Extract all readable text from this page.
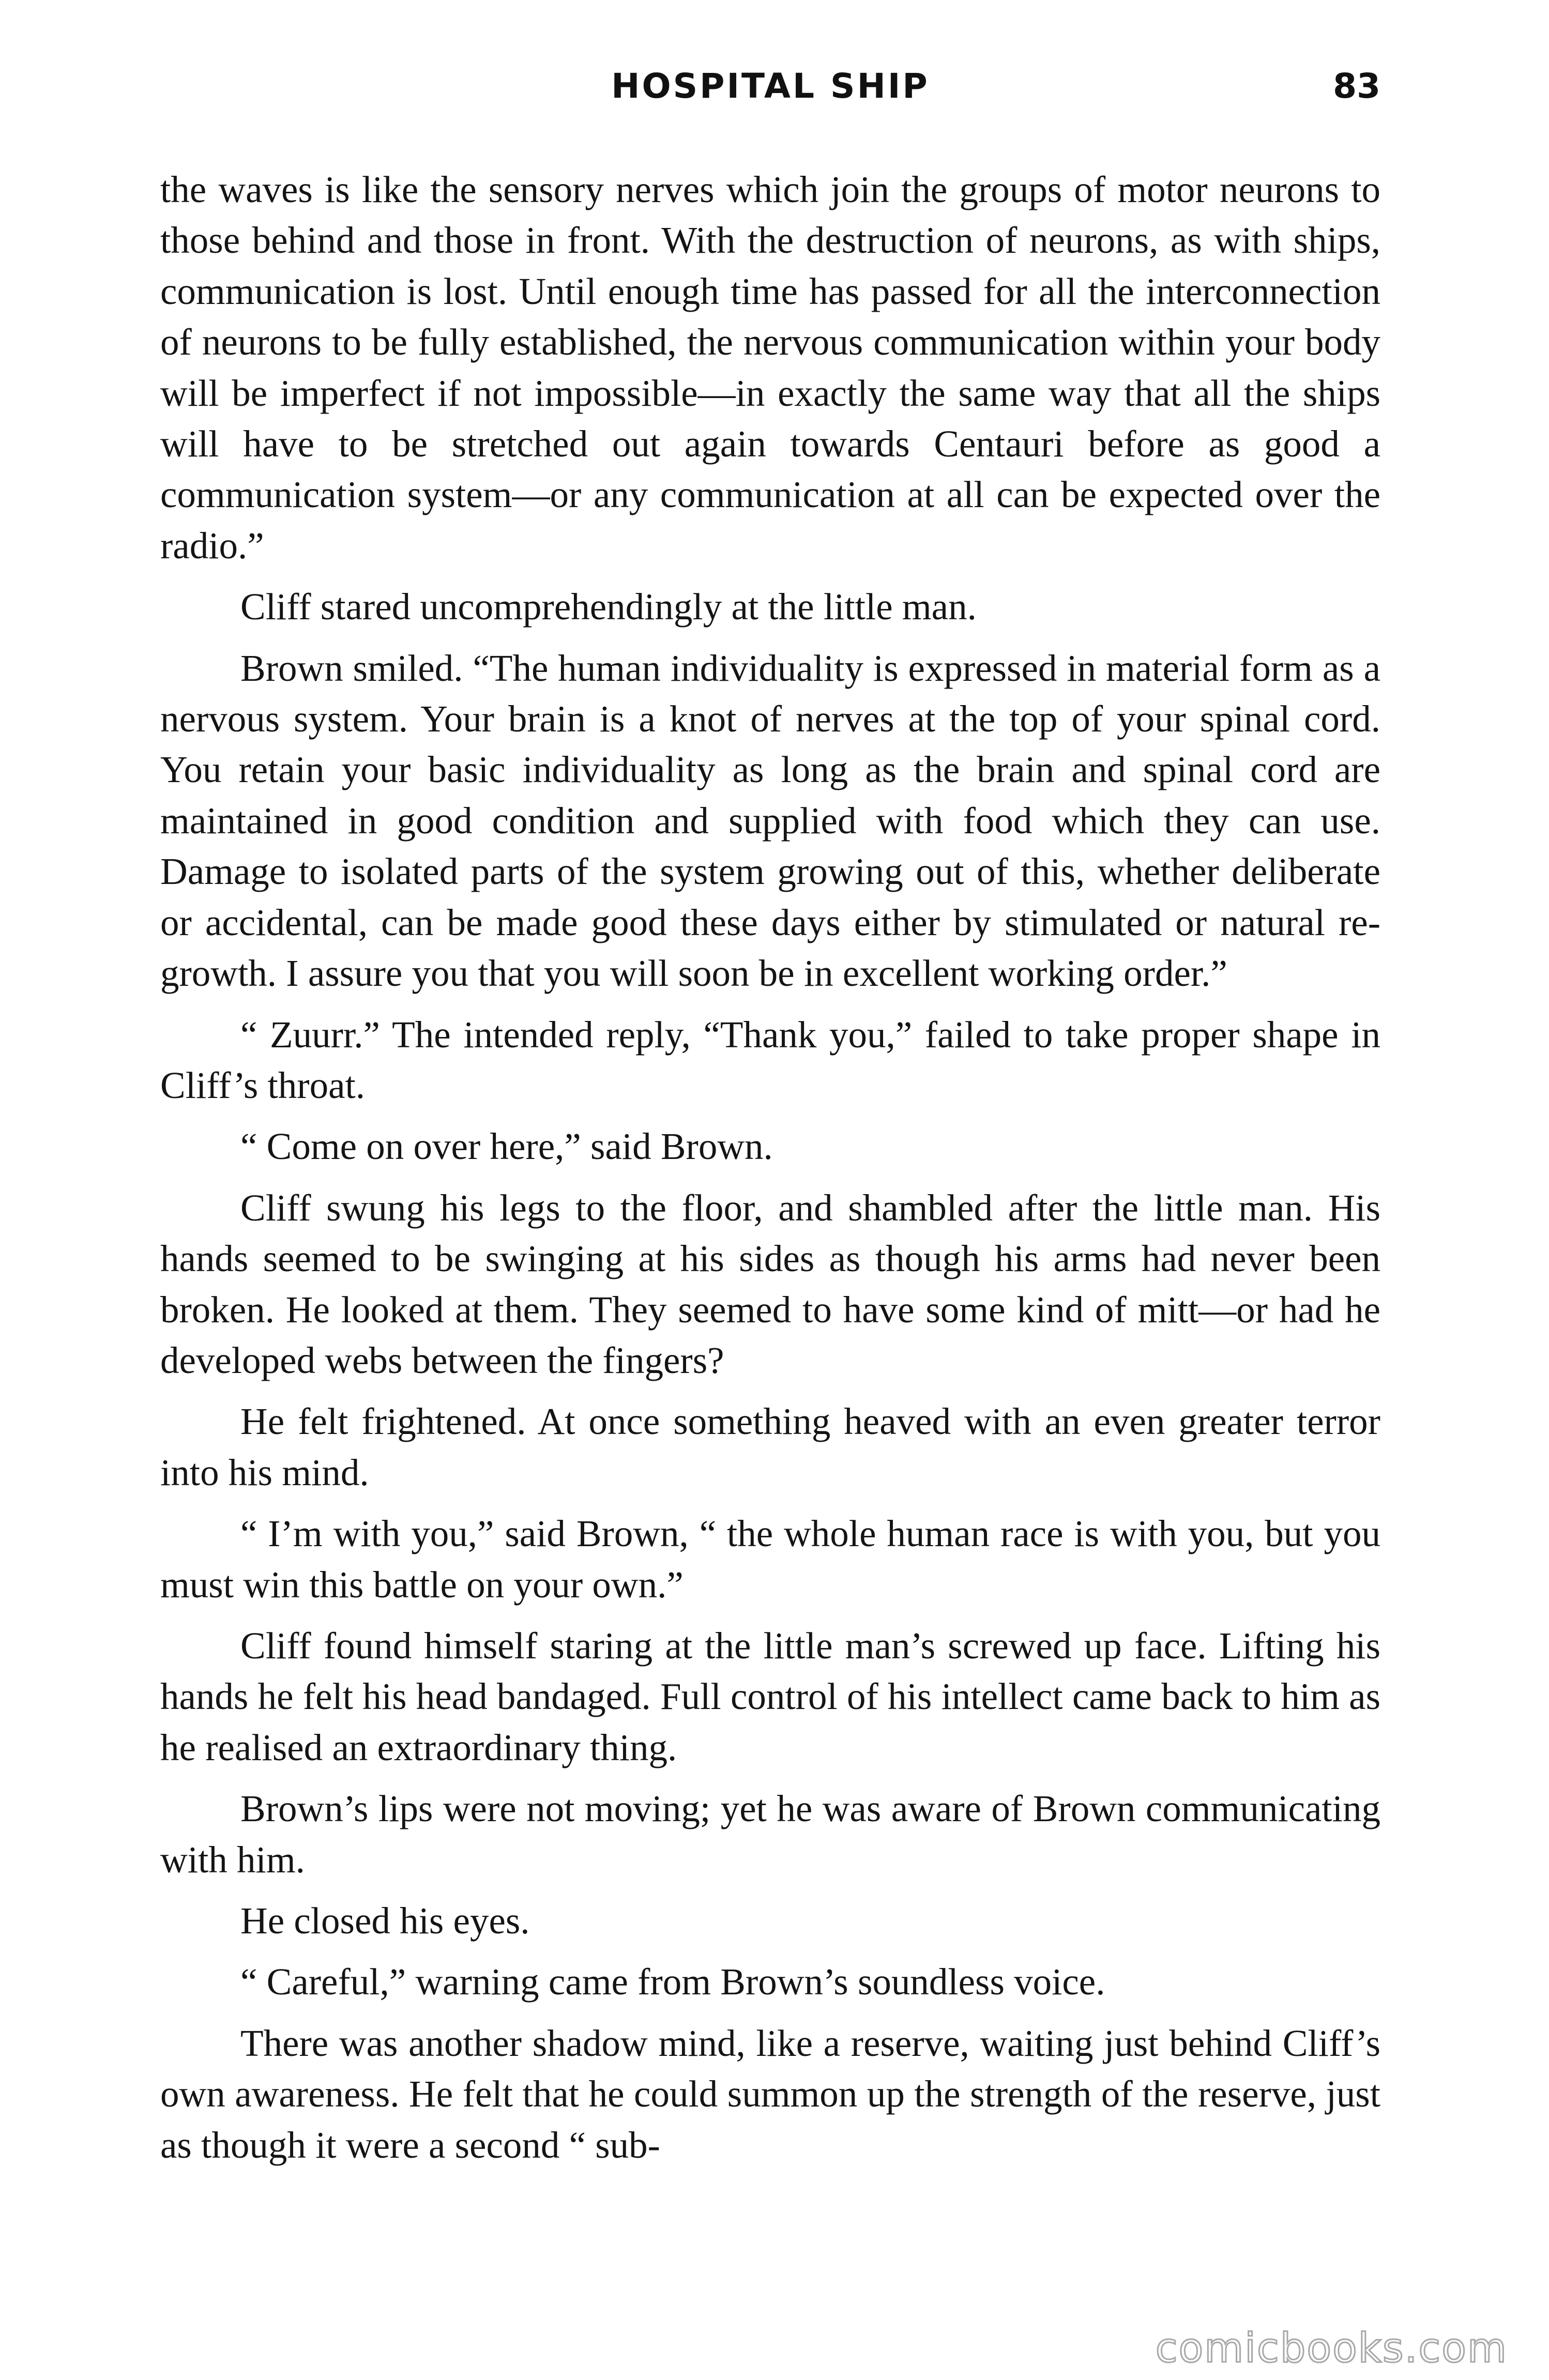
HOSPITAL SHIP	83

the waves is like the sensory nerves which join the groups of motor neurons to those behind and those in front. With the destruction of neurons, as with ships, communication is lost. Until enough time has passed for all the interconnection of neurons to be fully established, the nervous communication within your body will be imperfect if not impossible—in exactly the same way that all the ships will have to be stretched out again towards Centauri before as good a communication system—or any communication at all can be expected over the radio.”

Cliff stared uncomprehendingly at the little man.

Brown smiled. “The human individuality is expressed in material form as a nervous system. Your brain is a knot of nerves at the top of your spinal cord. You retain your basic individuality as long as the brain and spinal cord are maintained in good condition and supplied with food which they can use. Damage to isolated parts of the system growing out of this, whether deliberate or accidental, can be made good these days either by stimulated or natural re-growth. I assure you that you will soon be in excellent working order.”

“ Zuurr.” The intended reply, “Thank you,” failed to take proper shape in Cliff’s throat.

“ Come on over here,” said Brown.

Cliff swung his legs to the floor, and shambled after the little man. His hands seemed to be swinging at his sides as though his arms had never been broken. He looked at them. They seemed to have some kind of mitt—or had he developed webs between the fingers?

He felt frightened. At once something heaved with an even greater terror into his mind.

“ I’m with you,” said Brown, “ the whole human race is with you, but you must win this battle on your own.”

Cliff found himself staring at the little man’s screwed up face. Lifting his hands he felt his head bandaged. Full control of his intellect came back to him as he realised an extraordinary thing.

Brown’s lips were not moving; yet he was aware of Brown communicating with him.

He closed his eyes.

“ Careful,” warning came from Brown’s soundless voice.

There was another shadow mind, like a reserve, waiting just behind Cliff’s own awareness. He felt that he could summon up the strength of the reserve, just as though it were a second “ sub-

comicbooks.com
